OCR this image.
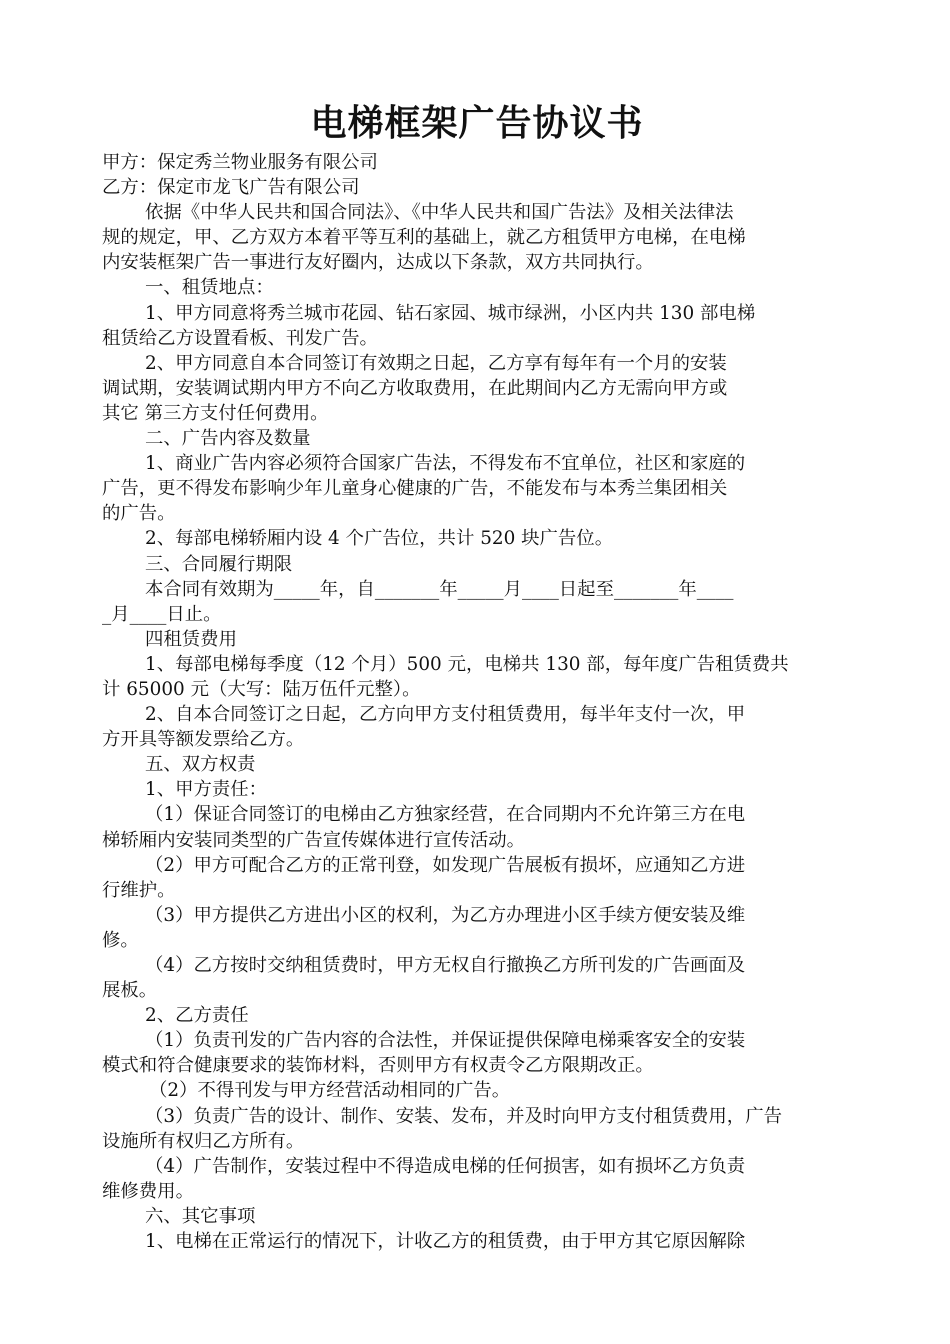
电梯框架广告协议书
甲方：保定秀兰物业服务有限公司
乙方：保定市龙飞广告有限公司
依据《中华人民共和国合同法》、《中华人民共和国广告法》及相关法律法
规的规定，甲、乙方双方本着平等互利的基础上，就乙方租赁甲方电梯，在电梯
内安装框架广告一事进行友好圈内，达成以下条款，双方共同执行。
一、租赁地点：
1、甲方同意将秀兰城市花园、钻石家园、城市绿洲，小区内共 130 部电梯
租赁给乙方设置看板、刊发广告。
2、甲方同意自本合同签订有效期之日起，乙方享有每年有一个月的安装
调试期，安装调试期内甲方不向乙方收取费用，在此期间内乙方无需向甲方或
其它 第三方支付任何费用。
二、广告内容及数量
1、商业广告内容必须符合国家广告法，不得发布不宜单位，社区和家庭的
广告，更不得发布影响少年儿童身心健康的广告，不能发布与本秀兰集团相关
的广告。
2、每部电梯轿厢内设 4 个广告位，共计 520 块广告位。
三、合同履行期限
本合同有效期为_____年，自_______年_____月____日起至_______年____
_月____日止。
四租赁费用
1、每部电梯每季度（12 个月）500 元，电梯共 130 部，每年度广告租赁费共
计 65000 元（大写：陆万伍仟元整）。
2、自本合同签订之日起，乙方向甲方支付租赁费用，每半年支付一次，甲
方开具等额发票给乙方。
五、双方权责
1、甲方责任：
（1）保证合同签订的电梯由乙方独家经营，在合同期内不允许第三方在电
梯轿厢内安装同类型的广告宣传媒体进行宣传活动。
（2）甲方可配合乙方的正常刊登，如发现广告展板有损坏，应通知乙方进
行维护。
（3）甲方提供乙方进出小区的权利，为乙方办理进小区手续方便安装及维
修。
（4）乙方按时交纳租赁费时，甲方无权自行撤换乙方所刊发的广告画面及
展板。
2、乙方责任
（1）负责刊发的广告内容的合法性，并保证提供保障电梯乘客安全的安装
模式和符合健康要求的装饰材料，否则甲方有权责令乙方限期改正。
（2）不得刊发与甲方经营活动相同的广告。
（3）负责广告的设计、制作、安装、发布，并及时向甲方支付租赁费用，广告
设施所有权归乙方所有。
（4）广告制作，安装过程中不得造成电梯的任何损害，如有损坏乙方负责
维修费用。
六、其它事项
1、电梯在正常运行的情况下，计收乙方的租赁费，由于甲方其它原因解除
